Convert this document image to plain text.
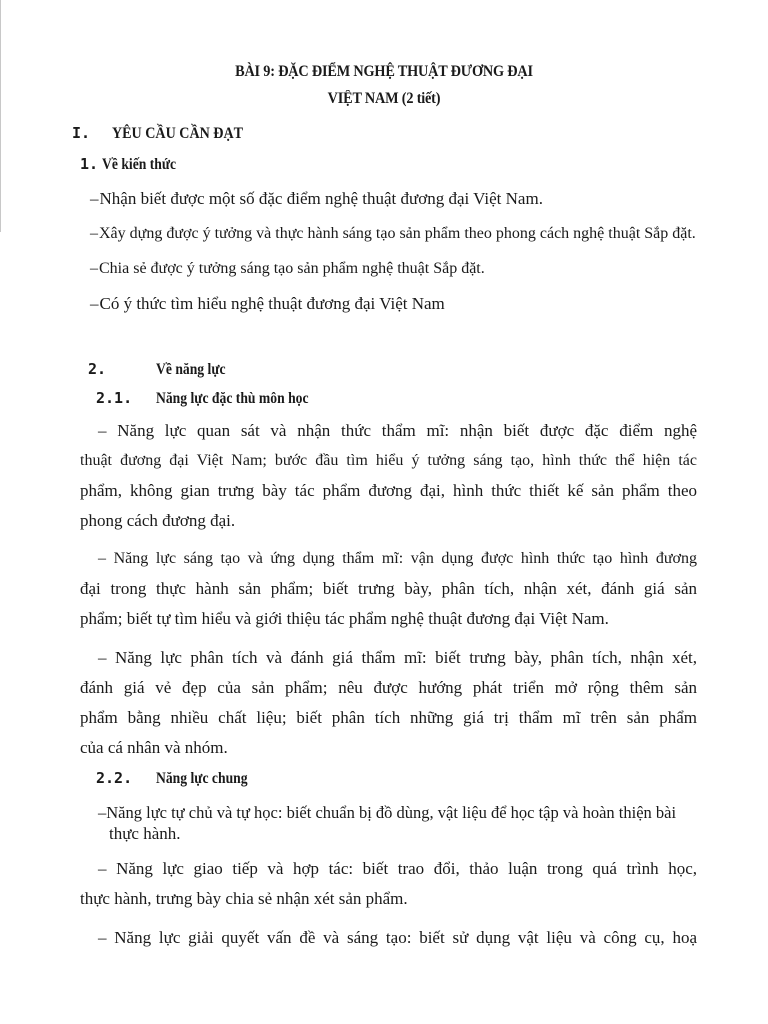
BÀI 9: ĐẶC ĐIỂM NGHỆ THUẬT ĐƯƠNG ĐẠI
VIỆT NAM (2 tiết)
I. YÊU CẦU CẦN ĐẠT
1. Về kiến thức
–Nhận biết được một số đặc điểm nghệ thuật đương đại Việt Nam.
–Xây dựng được ý tưởng và thực hành sáng tạo sản phẩm theo phong cách nghệ thuật Sắp đặt.
–Chia sẻ được ý tưởng sáng tạo sản phẩm nghệ thuật Sắp đặt.
–Có ý thức tìm hiểu nghệ thuật đương đại Việt Nam
2.	Về năng lực
2.1. Năng lực đặc thù môn học
– Năng lực quan sát và nhận thức thẩm mĩ: nhận biết được đặc điểm nghệ
thuật đương đại Việt Nam; bước đầu tìm hiểu ý tưởng sáng tạo, hình thức thể hiện tác
phẩm, không gian trưng bày tác phẩm đương đại, hình thức thiết kế sản phẩm theo
phong cách đương đại.
– Năng lực sáng tạo và ứng dụng thẩm mĩ: vận dụng được hình thức tạo hình đương
đại trong thực hành sản phẩm; biết trưng bày, phân tích, nhận xét, đánh giá sản
phẩm; biết tự tìm hiểu và giới thiệu tác phẩm nghệ thuật đương đại Việt Nam.
– Năng lực phân tích và đánh giá thẩm mĩ: biết trưng bày, phân tích, nhận xét,
đánh giá vẻ đẹp của sản phẩm; nêu được hướng phát triển mở rộng thêm sản
phẩm bằng nhiều chất liệu; biết phân tích những giá trị thẩm mĩ trên sản phẩm
của cá nhân và nhóm.
2.2. Năng lực chung
–Năng lực tự chủ và tự học: biết chuẩn bị đồ dùng, vật liệu để học tập và hoàn thiện bài
thực hành.
– Năng lực giao tiếp và hợp tác: biết trao đổi, thảo luận trong quá trình học,
thực hành, trưng bày chia sẻ nhận xét sản phẩm.
– Năng lực giải quyết vấn đề và sáng tạo: biết sử dụng vật liệu và công cụ, hoạ
